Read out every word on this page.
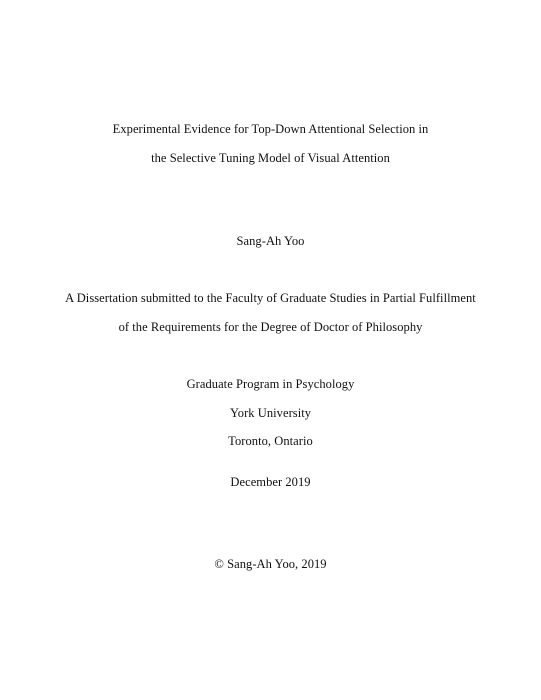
Experimental Evidence for Top-Down Attentional Selection in
the Selective Tuning Model of Visual Attention
Sang-Ah Yoo
A Dissertation submitted to the Faculty of Graduate Studies in Partial Fulfillment
of the Requirements for the Degree of Doctor of Philosophy
Graduate Program in Psychology
York University
Toronto, Ontario
December 2019
© Sang-Ah Yoo, 2019
